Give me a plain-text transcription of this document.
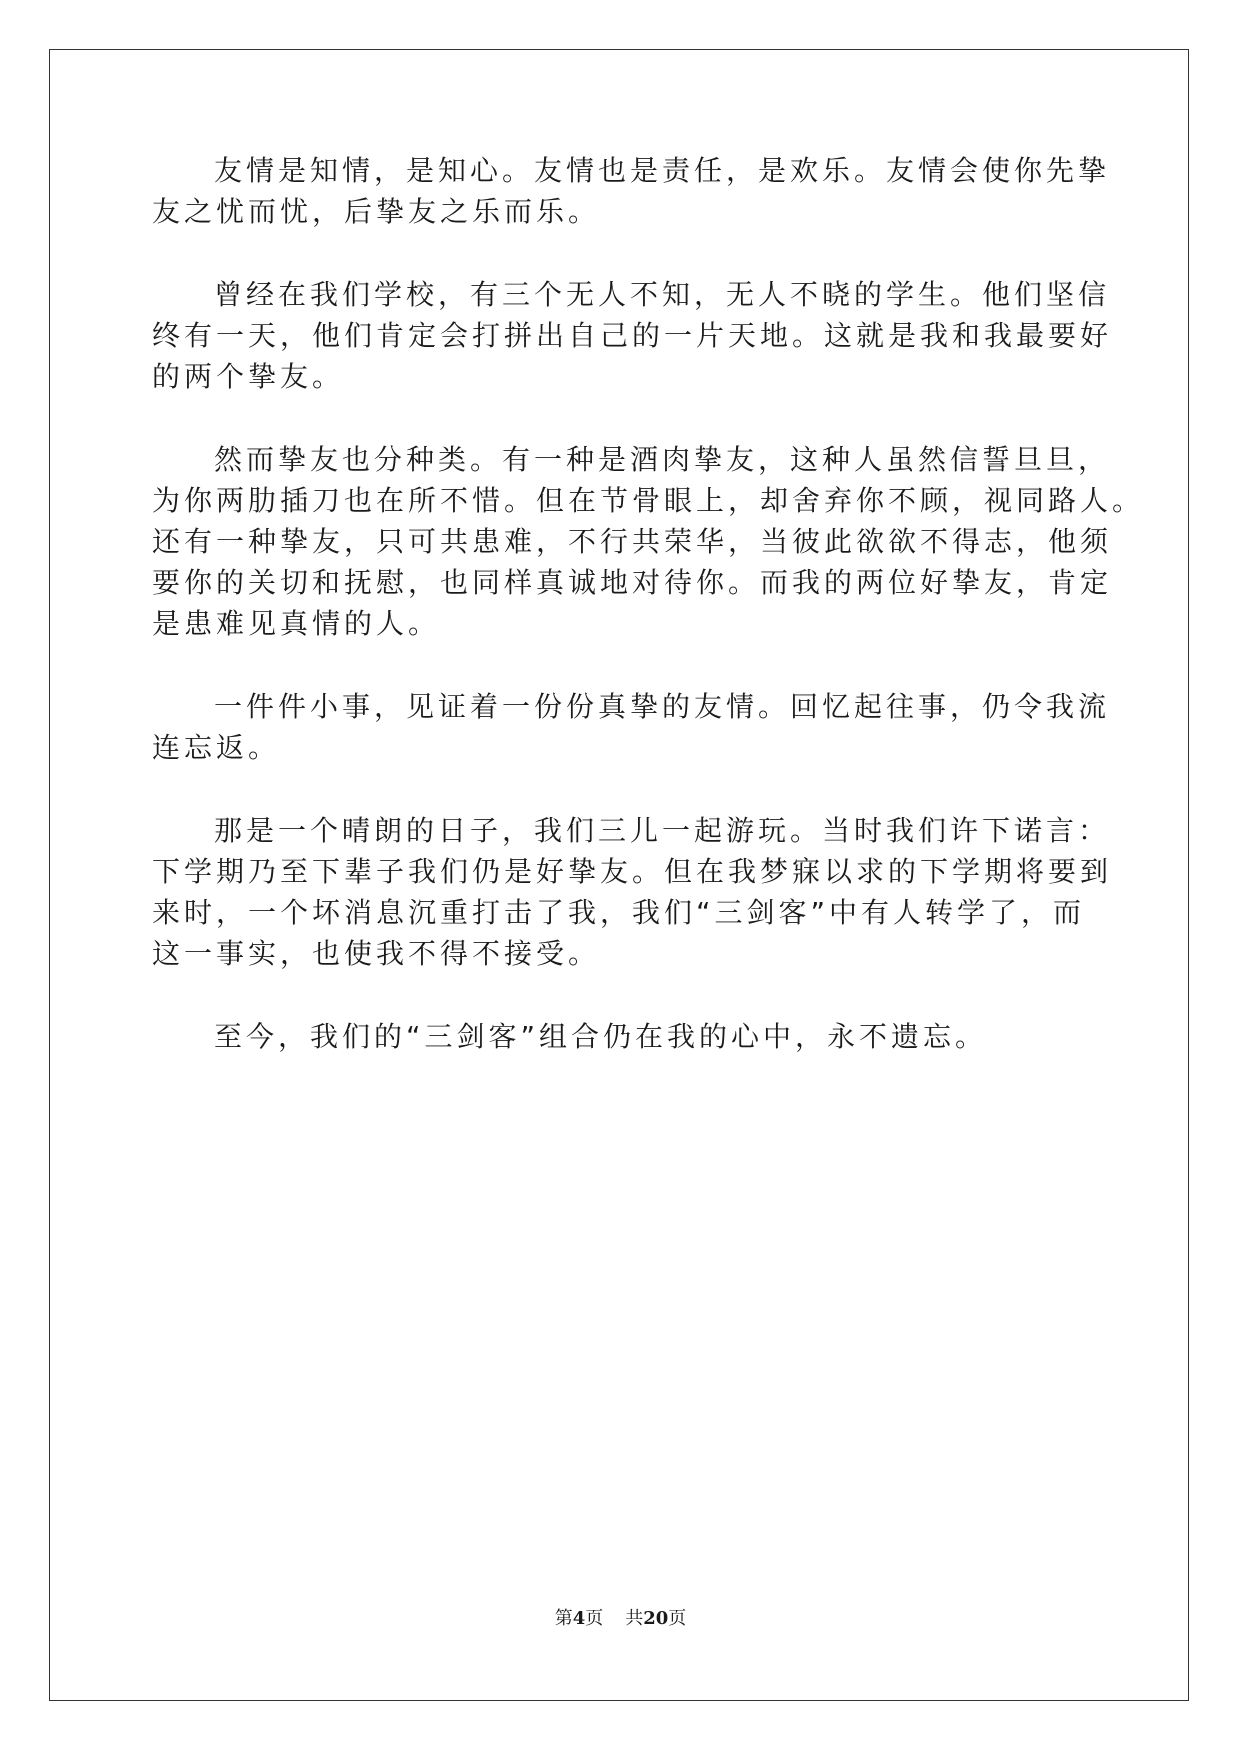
友情是知情，是知心。友情也是责任，是欢乐。友情会使你先挚
友之忧而忧，后挚友之乐而乐。
曾经在我们学校，有三个无人不知，无人不晓的学生。他们坚信
终有一天，他们肯定会打拼出自己的一片天地。这就是我和我最要好
的两个挚友。
然而挚友也分种类。有一种是酒肉挚友，这种人虽然信誓旦旦，
为你两肋插刀也在所不惜。但在节骨眼上，却舍弃你不顾，视同路人。
还有一种挚友，只可共患难，不行共荣华，当彼此欲欲不得志，他须
要你的关切和抚慰，也同样真诚地对待你。而我的两位好挚友，肯定
是患难见真情的人。
一件件小事，见证着一份份真挚的友情。回忆起往事，仍令我流
连忘返。
那是一个晴朗的日子，我们三儿一起游玩。当时我们许下诺言：
下学期乃至下辈子我们仍是好挚友。但在我梦寐以求的下学期将要到
来时，一个坏消息沉重打击了我，我们“三剑客”中有人转学了，而
这一事实，也使我不得不接受。
至今，我们的“三剑客”组合仍在我的心中，永不遗忘。
第4页 共20页
